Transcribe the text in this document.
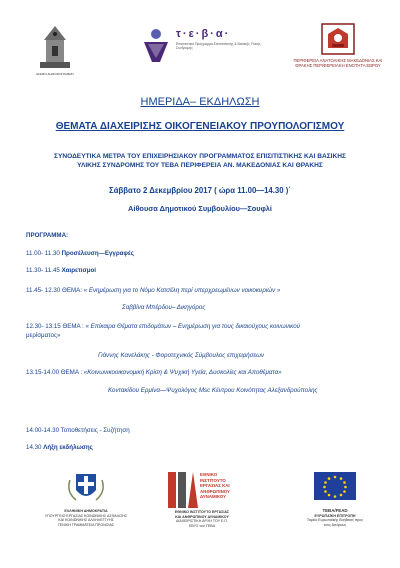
ΕΝΩΣΗ ΔΗΜΟΣΙΟΓΡΑΦΩΝ
τ·ε·β·α·
Επισιτιστικό Πρόγραμμα Επισιτιστικής & Βασικής Υλικής Συνδρομής
ΠΕΡΙΦΕΡΕΙΑ ΑΝΑΤΟΛΙΚΗΣ ΜΑΚΕΔΟΝΙΑΣ ΚΑΙ ΘΡΑΚΗΣ ΠΕΡΙΦΕΡΕΙΑΚΗ ΕΝΟΤΗΤΑ ΕΒΡΟΥ
ΗΜΕΡΙΔΑ– ΕΚΔΗΛΩΣΗ
ΘΕΜΑΤΑ ΔΙΑΧΕΙΡΙΣΗΣ ΟΙΚΟΓΕΝΕΙΑΚΟΥ ΠΡΟΥΠΟΛΟΓΙΣΜΟΥ
ΣΥΝΟΔΕΥΤΙΚΑ ΜΕΤΡΑ ΤΟΥ ΕΠΙΧΕΙΡΗΣΙΑΚΟΥ ΠΡΟΓΡΑΜΜΑΤΟΣ ΕΠΙΣΙΤΙΣΤΙΚΗΣ ΚΑΙ ΒΑΣΙΚΗΣ
ΥΛΙΚΗΣ ΣΥΝΔΡΟΜΗΣ ΤΟΥ ΤΕΒΑ ΠΕΡΙΦΕΡΕΙΑ ΑΝ. ΜΑΚΕΔΟΝΙΑΣ ΚΑΙ ΘΡΑΚΗΣ
Σάββατο 2 Δεκεμβρίου 2017 ( ώρα 11.00—14.30 )΄
Αίθουσα Δημοτικού Συμβουλίου—Σουφλί
ΠΡΟΓΡΑΜΜΑ:
11.00- 11.30 Προσέλευση—Εγγραφές
11.30- 11.45 Χαιρετισμοί
11.45- 12.30 ΘΕΜΑ: « Ενημέρωση για το Νόμο Κατσέλη περί υπερχρεωμένων νοικοκυριών »
Σαββίνα Μπέρδου– Δικηγόρος
12.30- 13.15 ΘΕΜΑ : « Επίκαιρα Θέματα επιδομάτων – Ενημέρωση για τους δικαιούχους κοινωνικού
μερίσματος»
Γιάννης Κανελάκης - Φοροτεχνικός Σύμβουλος επιχειρήσεων
13.15-14.00 ΘΕΜΑ : «Κοινωνικοοικονομική Κρίση & Ψυχική Υγεία, Δυσκολίες και Αποθέματα»
Κοντακίδου Ερμίνα—Ψυχολόγος Msc Κέντρου Κοινότητας Αλεξανδρούπολης
14.00-14.30 Τοποθετήσεις - Συζήτηση
14.30 Λήξη εκδήλωσης
ΕΛΛΗΝΙΚΗ ΔΗΜΟΚΡΑΤΙΑ
ΥΠΟΥΡΓΕΙΟ ΕΡΓΑΣΙΑΣ ΚΟΙΝΩΝΙΚΗΣ ΑΣΦΑΛΙΣΗΣ
ΚΑΙ ΚΟΙΝΩΝΙΚΗΣ ΑΛΛΗΛΕΓΓΥΗΣ
ΓΕΝΙΚΗ ΓΡΑΜΜΑΤΕΙΑ ΠΡΟΝΟΙΑΣ
ΕΘΝΙΚΟ
ΙΝΣΤΙΤΟΥΤΟ
ΕΡΓΑΣΙΑΣ ΚΑΙ
ΑΝΘΡΩΠΙΝΟΥ
ΔΥΝΑΜΙΚΟΥ
ΕΘΝΙΚΟ ΙΝΣΤΙΤΟΥΤΟ ΕΡΓΑΣΙΑΣ
ΚΑΙ ΑΝΘΡΩΠΙΝΟΥ ΔΥΝΑΜΙΚΟΥ
ΔΙΑΧΕΙΡΙΣΤΙΚΗ ΑΡΧΗ ΤΟΥ Ε.Π.
ΕΒΥΣ του ΤΕΒΑ
TEBA/FEAD
ΕΥΡΩΠΑΪΚΗ ΕΠΙΤΡΟΠΗ
Ταμείο Ευρωπαϊκής Βοήθειας προς
τους Απόρους
